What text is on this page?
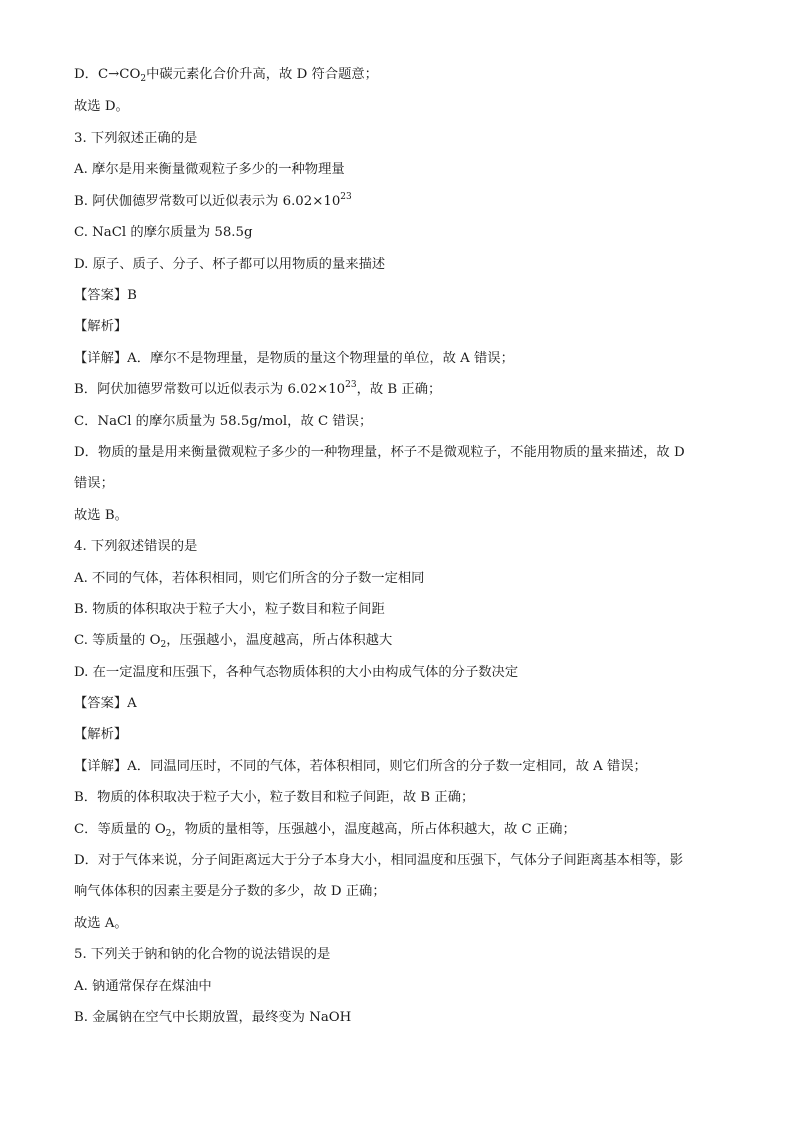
D．$C\to CO_2$中碳元素化合价升高，故 D 符合题意；
故选 D。
3. 下列叙述正确的是
A. 摩尔是用来衡量微观粒子多少的一种物理量
B. 阿伏伽德罗常数可以近似表示为 $6.02\times 10^{23}$
C. NaCl 的摩尔质量为 58.5g
D. 原子、质子、分子、杯子都可以用物质的量来描述
【答案】B
【解析】
【详解】A．摩尔不是物理量，是物质的量这个物理量的单位，故 A 错误；
B．阿伏加德罗常数可以近似表示为 $6.02\times 10^{23}$，故 B 正确；
C．NaCl 的摩尔质量为 58.5g/mol，故 C 错误；
D．物质的量是用来衡量微观粒子多少的一种物理量，杯子不是微观粒子，不能用物质的量来描述，故 D
错误；
故选 B。
4. 下列叙述错误的是
A. 不同的气体，若体积相同，则它们所含的分子数一定相同
B. 物质的体积取决于粒子大小，粒子数目和粒子间距
C. 等质量的 $O_2$，压强越小，温度越高，所占体积越大
D. 在一定温度和压强下，各种气态物质体积的大小由构成气体的分子数决定
【答案】A
【解析】
【详解】A．同温同压时，不同的气体，若体积相同，则它们所含的分子数一定相同，故 A 错误；
B．物质的体积取决于粒子大小，粒子数目和粒子间距，故 B 正确；
C．等质量的 $O_2$，物质的量相等，压强越小，温度越高，所占体积越大，故 C 正确；
D．对于气体来说，分子间距离远大于分子本身大小，相同温度和压强下，气体分子间距离基本相等，影
响气体体积的因素主要是分子数的多少，故 D 正确；
故选 A。
5. 下列关于钠和钠的化合物的说法错误的是
A. 钠通常保存在煤油中
B. 金属钠在空气中长期放置，最终变为 NaOH
